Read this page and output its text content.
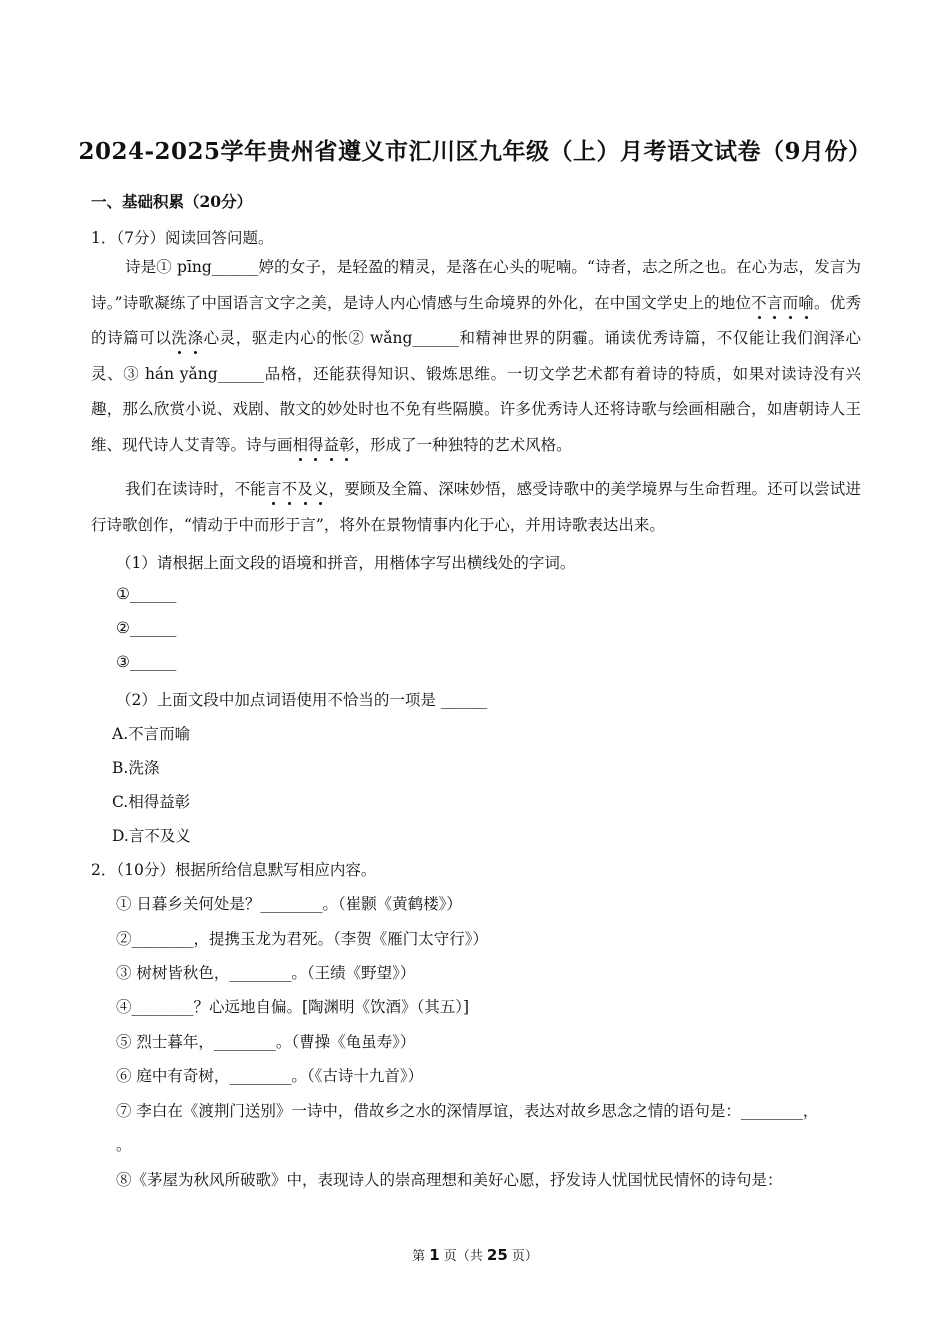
2024-2025学年贵州省遵义市汇川区九年级（上）月考语文试卷（9月份）
一、基础积累（20分）
1．（7分）阅读回答问题。
诗是① pīng______婷的女子，是轻盈的精灵，是落在心头的呢喃。“诗者，志之所之也。在心为志，发言为诗。”诗歌凝练了中国语言文字之美，是诗人内心情感与生命境界的外化，在中国文学史上的地位不言而喻。优秀的诗篇可以洗涤心灵，驱走内心的怅② wǎng______和精神世界的阴霾。诵读优秀诗篇，不仅能让我们润泽心灵、③ hán yǎng______品格，还能获得知识、锻炼思维。一切文学艺术都有着诗的特质，如果对读诗没有兴趣，那么欣赏小说、戏剧、散文的妙处时也不免有些隔膜。许多优秀诗人还将诗歌与绘画相融合，如唐朝诗人王维、现代诗人艾青等。诗与画相得益彰，形成了一种独特的艺术风格。
我们在读诗时，不能言不及义，要顾及全篇、深味妙悟，感受诗歌中的美学境界与生命哲理。还可以尝试进行诗歌创作，“情动于中而形于言”，将外在景物情事内化于心，并用诗歌表达出来。
（1）请根据上面文段的语境和拼音，用楷体字写出横线处的字词。
①______
②______
③______
（2）上面文段中加点词语使用不恰当的一项是 ______
A.不言而喻
B.洗涤
C.相得益彰
D.言不及义
2．（10分）根据所给信息默写相应内容。
① 日暮乡关何处是？________。（崔颢《黄鹤楼》）
②________，提携玉龙为君死。（李贺《雁门太守行》）
③ 树树皆秋色，________。（王绩《野望》）
④________？心远地自偏。[陶渊明《饮酒》（其五）]
⑤ 烈士暮年，________。（曹操《龟虽寿》）
⑥ 庭中有奇树，________。（《古诗十九首》）
⑦ 李白在《渡荆门送别》一诗中，借故乡之水的深情厚谊，表达对故乡思念之情的语句是：________，
。
⑧《茅屋为秋风所破歌》中，表现诗人的崇高理想和美好心愿，抒发诗人忧国忧民情怀的诗句是：
第 1 页（共 25 页）
